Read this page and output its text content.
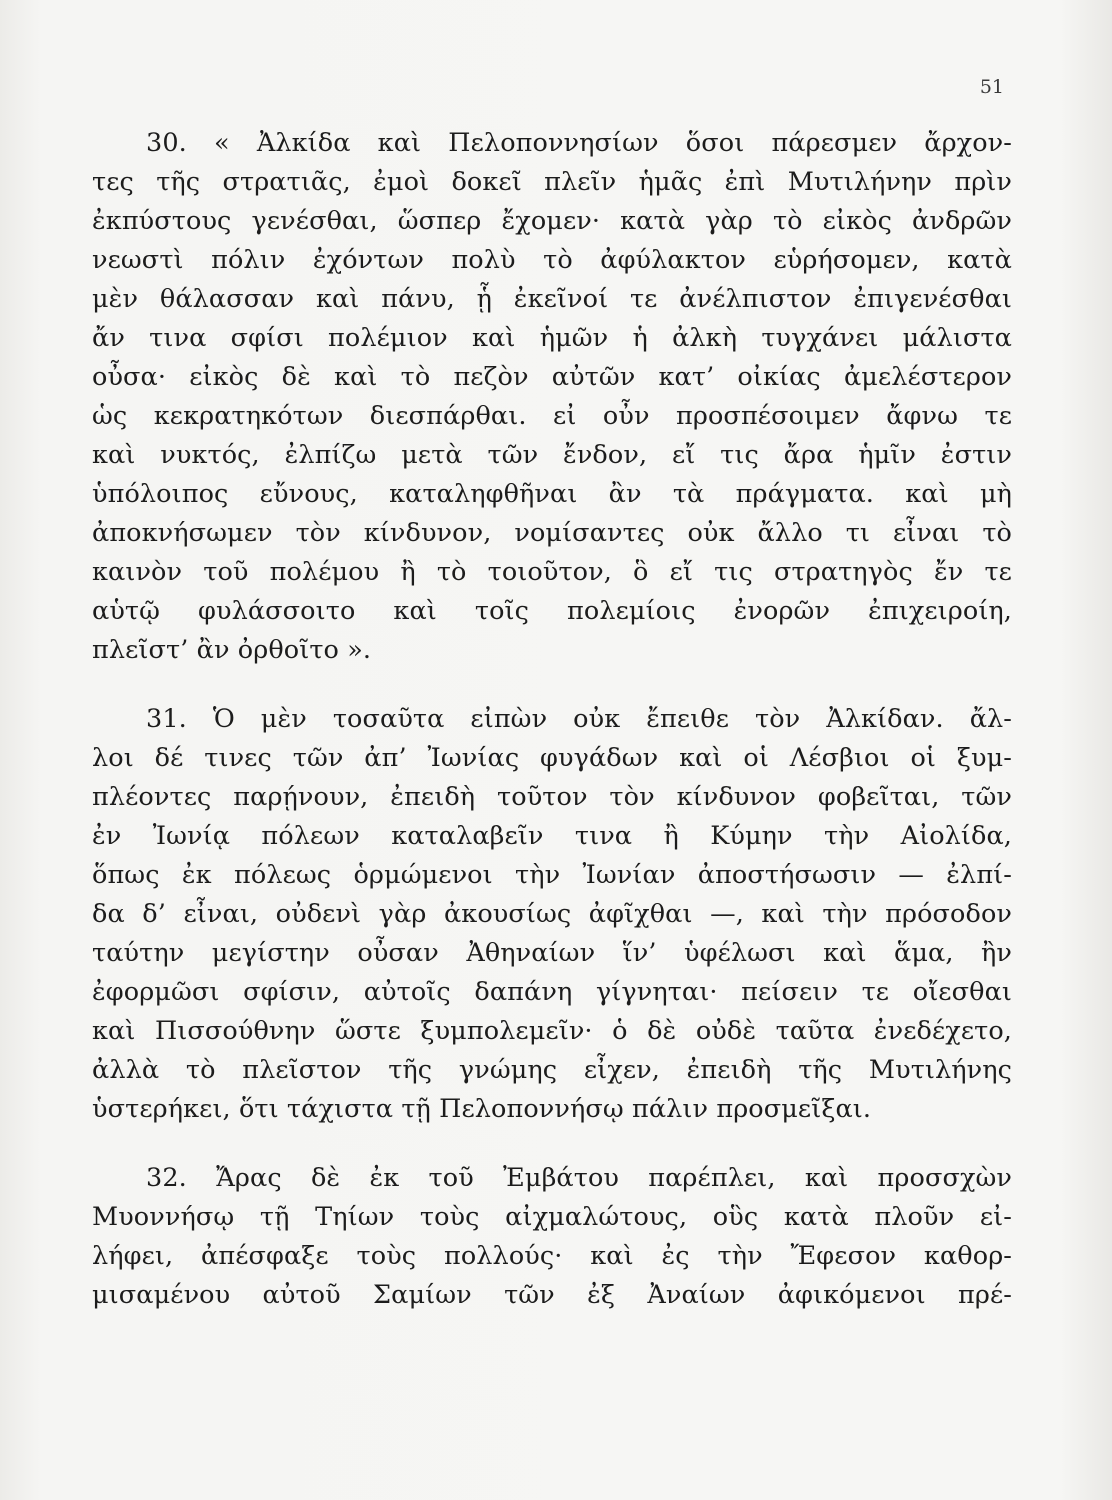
51
30. « Ἀλκίδα καὶ Πελοποννησίων ὅσοι πάρεσμεν ἄρχον-
τες τῆς στρατιᾶς, ἐμοὶ δοκεῖ πλεῖν ἡμᾶς ἐπὶ Μυτιλήνην πρὶν
ἐκπύστους γενέσθαι, ὥσπερ ἔχομεν· κατὰ γὰρ τὸ εἰκὸς ἀνδρῶν
νεωστὶ πόλιν ἐχόντων πολὺ τὸ ἀφύλακτον εὑρήσομεν, κατὰ
μὲν θάλασσαν καὶ πάνυ, ᾗ ἐκεῖνοί τε ἀνέλπιστον ἐπιγενέσθαι
ἄν τινα σφίσι πολέμιον καὶ ἡμῶν ἡ ἀλκὴ τυγχάνει μάλιστα
οὖσα· εἰκὸς δὲ καὶ τὸ πεζὸν αὐτῶν κατ’ οἰκίας ἀμελέστερον
ὡς κεκρατηκότων διεσπάρθαι. εἰ οὖν προσπέσοιμεν ἄφνω τε
καὶ νυκτός, ἐλπίζω μετὰ τῶν ἔνδον, εἴ τις ἄρα ἡμῖν ἐστιν
ὑπόλοιπος εὔνους, καταληφθῆναι ἂν τὰ πράγματα. καὶ μὴ
ἀποκνήσωμεν τὸν κίνδυνον, νομίσαντες οὐκ ἄλλο τι εἶναι τὸ
καινὸν τοῦ πολέμου ἢ τὸ τοιοῦτον, ὃ εἴ τις στρατηγὸς ἔν τε
αὑτῷ φυλάσσοιτο καὶ τοῖς πολεμίοις ἐνορῶν ἐπιχειροίη,
πλεῖστ’ ἂν ὀρθοῖτο ».
31. Ὁ μὲν τοσαῦτα εἰπὼν οὐκ ἔπειθε τὸν Ἀλκίδαν. ἄλ-
λοι δέ τινες τῶν ἀπ’ Ἰωνίας φυγάδων καὶ οἱ Λέσβιοι οἱ ξυμ-
πλέοντες παρῄνουν, ἐπειδὴ τοῦτον τὸν κίνδυνον φοβεῖται, τῶν
ἐν Ἰωνίᾳ πόλεων καταλαβεῖν τινα ἢ Κύμην τὴν Αἰολίδα,
ὅπως ἐκ πόλεως ὁρμώμενοι τὴν Ἰωνίαν ἀποστήσωσιν — ἐλπί-
δα δ’ εἶναι, οὐδενὶ γὰρ ἀκουσίως ἀφῖχθαι —, καὶ τὴν πρόσοδον
ταύτην μεγίστην οὖσαν Ἀθηναίων ἵν’ ὑφέλωσι καὶ ἅμα, ἢν
ἐφορμῶσι σφίσιν, αὐτοῖς δαπάνη γίγνηται· πείσειν τε οἴεσθαι
καὶ Πισσούθνην ὥστε ξυμπολεμεῖν· ὁ δὲ οὐδὲ ταῦτα ἐνεδέχετο,
ἀλλὰ τὸ πλεῖστον τῆς γνώμης εἶχεν, ἐπειδὴ τῆς Μυτιλήνης
ὑστερήκει, ὅτι τάχιστα τῇ Πελοποννήσῳ πάλιν προσμεῖξαι.
32. Ἄρας δὲ ἐκ τοῦ Ἐμβάτου παρέπλει, καὶ προσσχὼν
Μυοννήσῳ τῇ Τηίων τοὺς αἰχμαλώτους, οὓς κατὰ πλοῦν εἰ-
λήφει, ἀπέσφαξε τοὺς πολλούς· καὶ ἐς τὴν Ἔφεσον καθορ-
μισαμένου αὐτοῦ Σαμίων τῶν ἐξ Ἀναίων ἀφικόμενοι πρέ-
